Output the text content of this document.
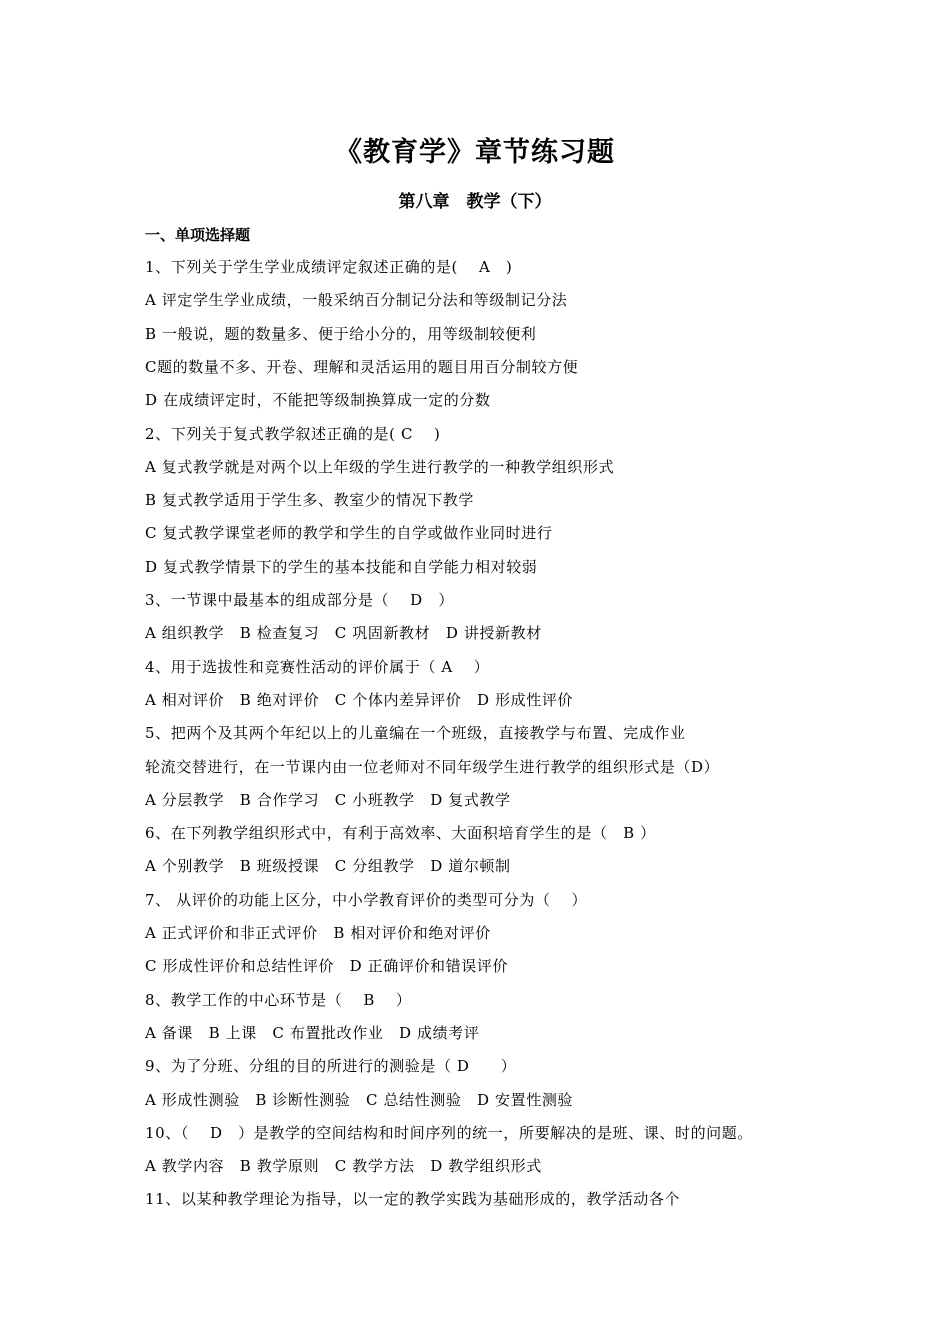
《教育学》章节练习题
第八章　教学（下）
一、单项选择题
1、下列关于学生学业成绩评定叙述正确的是(　 A　)
A 评定学生学业成绩，一般采纳百分制记分法和等级制记分法
B 一般说，题的数量多、便于给小分的，用等级制较便利
C题的数量不多、开卷、理解和灵活运用的题目用百分制较方便
D 在成绩评定时，不能把等级制换算成一定的分数
2、下列关于复式教学叙述正确的是( C　 )
A 复式教学就是对两个以上年级的学生进行教学的一种教学组织形式
B 复式教学适用于学生多、教室少的情况下教学
C 复式教学课堂老师的教学和学生的自学或做作业同时进行
D 复式教学情景下的学生的基本技能和自学能力相对较弱
3、一节课中最基本的组成部分是（　 D　）
A 组织教学　B 检查复习　C 巩固新教材　D 讲授新教材
4、用于选拔性和竞赛性活动的评价属于（ A　 ）
A 相对评价　B 绝对评价　C 个体内差异评价　D 形成性评价
5、把两个及其两个年纪以上的儿童编在一个班级，直接教学与布置、完成作业
轮流交替进行，在一节课内由一位老师对不同年级学生进行教学的组织形式是（D）
A 分层教学　B 合作学习　C 小班教学　D 复式教学
6、在下列教学组织形式中，有利于高效率、大面积培育学生的是（　B ）
A 个别教学　B 班级授课　C 分组教学　D 道尔顿制
7、 从评价的功能上区分，中小学教育评价的类型可分为（　 ）
A 正式评价和非正式评价　B 相对评价和绝对评价
C 形成性评价和总结性评价　D 正确评价和错误评价
8、教学工作的中心环节是（　 B　 ）
A 备课　B 上课　C 布置批改作业　D 成绩考评
9、为了分班、分组的目的所进行的测验是（ D　　）
A 形成性测验　B 诊断性测验　C 总结性测验　D 安置性测验
10、（　 D　）是教学的空间结构和时间序列的统一，所要解决的是班、课、时的问题。
A 教学内容　B 教学原则　C 教学方法　D 教学组织形式
11、以某种教学理论为指导，以一定的教学实践为基础形成的，教学活动各个
